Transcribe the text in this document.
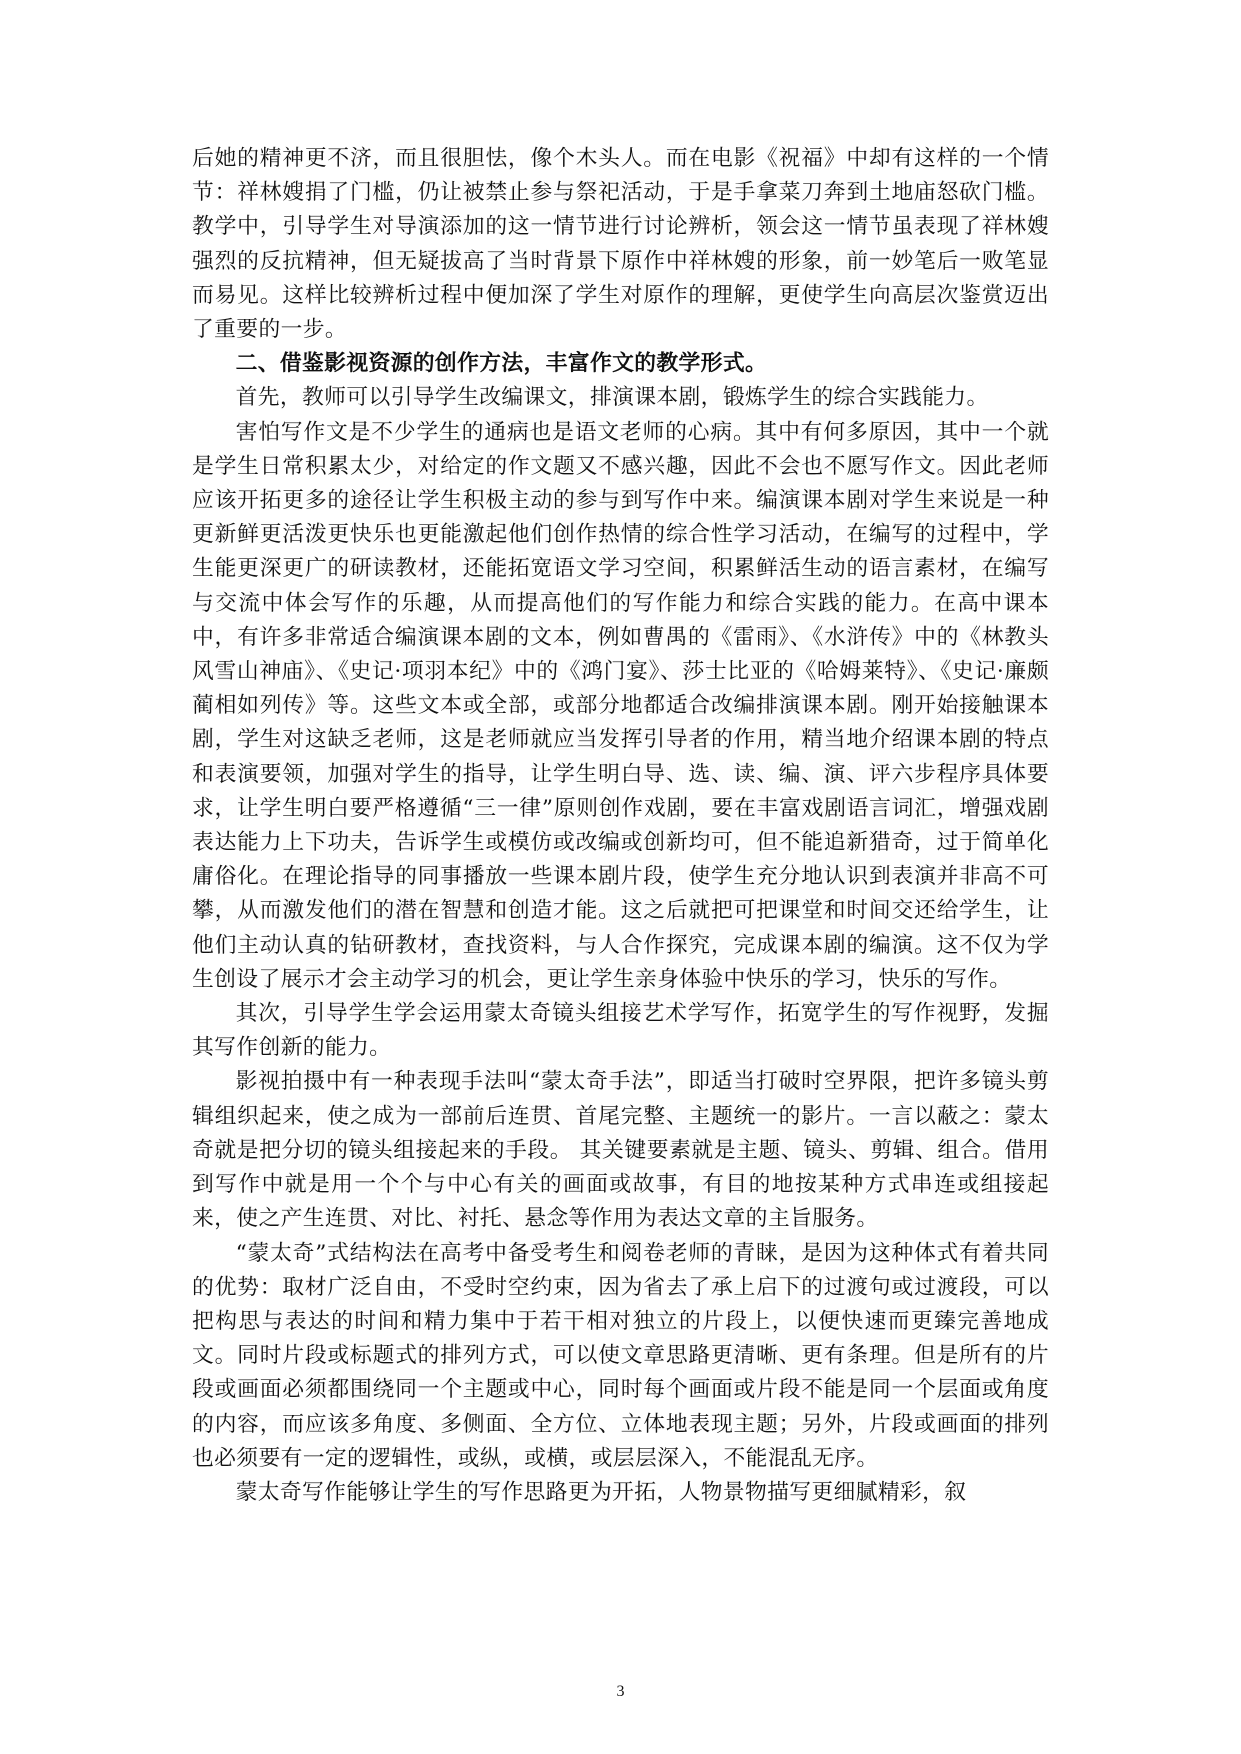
后她的精神更不济，而且很胆怯，像个木头人。而在电影《祝福》中却有这样的一个情节：祥林嫂捐了门槛，仍让被禁止参与祭祀活动，于是手拿菜刀奔到土地庙怒砍门槛。教学中，引导学生对导演添加的这一情节进行讨论辨析，领会这一情节虽表现了祥林嫂强烈的反抗精神，但无疑拔高了当时背景下原作中祥林嫂的形象，前一妙笔后一败笔显而易见。这样比较辨析过程中便加深了学生对原作的理解，更使学生向高层次鉴赏迈出了重要的一步。

二、借鉴影视资源的创作方法，丰富作文的教学形式。

首先，教师可以引导学生改编课文，排演课本剧，锻炼学生的综合实践能力。

害怕写作文是不少学生的通病也是语文老师的心病。其中有何多原因，其中一个就是学生日常积累太少，对给定的作文题又不感兴趣，因此不会也不愿写作文。因此老师应该开拓更多的途径让学生积极主动的参与到写作中来。编演课本剧对学生来说是一种更新鲜更活泼更快乐也更能激起他们创作热情的综合性学习活动，在编写的过程中，学生能更深更广的研读教材，还能拓宽语文学习空间，积累鲜活生动的语言素材，在编写与交流中体会写作的乐趣，从而提高他们的写作能力和综合实践的能力。在高中课本中，有许多非常适合编演课本剧的文本，例如曹禺的《雷雨》、《水浒传》中的《林教头风雪山神庙》、《史记·项羽本纪》中的《鸿门宴》、莎士比亚的《哈姆莱特》、《史记·廉颇蔺相如列传》等。这些文本或全部，或部分地都适合改编排演课本剧。刚开始接触课本剧，学生对这缺乏老师，这是老师就应当发挥引导者的作用，精当地介绍课本剧的特点和表演要领，加强对学生的指导，让学生明白导、选、读、编、演、评六步程序具体要求，让学生明白要严格遵循“三一律”原则创作戏剧，要在丰富戏剧语言词汇，增强戏剧表达能力上下功夫，告诉学生或模仿或改编或创新均可，但不能追新猎奇，过于简单化庸俗化。在理论指导的同事播放一些课本剧片段，使学生充分地认识到表演并非高不可攀，从而激发他们的潜在智慧和创造才能。这之后就把可把课堂和时间交还给学生，让他们主动认真的钻研教材，查找资料，与人合作探究，完成课本剧的编演。这不仅为学生创设了展示才会主动学习的机会，更让学生亲身体验中快乐的学习，快乐的写作。

其次，引导学生学会运用蒙太奇镜头组接艺术学写作，拓宽学生的写作视野，发掘其写作创新的能力。

影视拍摄中有一种表现手法叫“蒙太奇手法”，即适当打破时空界限，把许多镜头剪辑组织起来，使之成为一部前后连贯、首尾完整、主题统一的影片。一言以蔽之：蒙太奇就是把分切的镜头组接起来的手段。 其关键要素就是主题、镜头、剪辑、组合。借用到写作中就是用一个个与中心有关的画面或故事，有目的地按某种方式串连或组接起来，使之产生连贯、对比、衬托、悬念等作用为表达文章的主旨服务。

“蒙太奇”式结构法在高考中备受考生和阅卷老师的青睐，是因为这种体式有着共同的优势：取材广泛自由，不受时空约束，因为省去了承上启下的过渡句或过渡段，可以把构思与表达的时间和精力集中于若干相对独立的片段上，以便快速而更臻完善地成文。同时片段或标题式的排列方式，可以使文章思路更清晰、更有条理。但是所有的片段或画面必须都围绕同一个主题或中心，同时每个画面或片段不能是同一个层面或角度的内容，而应该多角度、多侧面、全方位、立体地表现主题；另外，片段或画面的排列也必须要有一定的逻辑性，或纵，或横，或层层深入，不能混乱无序。

蒙太奇写作能够让学生的写作思路更为开拓，人物景物描写更细腻精彩，叙

3
